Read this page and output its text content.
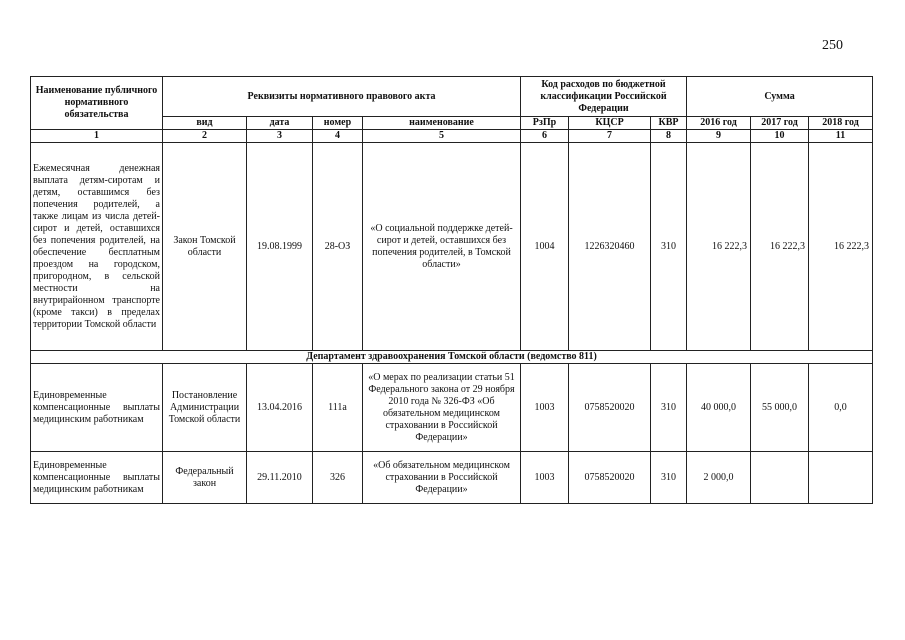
250
Наименование публичного нормативного обязательства	Реквизиты нормативного правового акта				Код расходов по бюджетной классификации Российской Федерации			Сумма		
	вид	дата	номер	наименование	РзПр	КЦСР	КВР	2016 год	2017 год	2018 год
1	2	3	4	5	6	7	8	9	10	11
Ежемесячная денежная выплата детям-сиротам и детям, оставшимся без попечения родителей, а также лицам из числа детей-сирот и детей, оставшихся без попечения родителей, на обеспечение бесплатным проездом на городском, пригородном, в сельской местности на внутрирайонном транспорте (кроме такси) в пределах территории Томской области	Закон Томской области	19.08.1999	28-ОЗ	«О социальной поддержке детей-сирот и детей, оставшихся без попечения родителей, в Томской области»	1004	1226320460	310	16 222,3	16 222,3	16 222,3
Департамент здравоохранения Томской области (ведомство 811)										
Единовременные компенсационные выплаты медицинским работникам	Постановление Администрации Томской области	13.04.2016	111а	«О мерах по реализации статьи 51 Федерального закона от 29 ноября 2010 года № 326-ФЗ «Об обязательном медицинском страховании в Российской Федерации»	1003	0758520020	310	40 000,0	55 000,0	0,0
Единовременные компенсационные выплаты медицинским работникам	Федеральный закон	29.11.2010	326	«Об обязательном медицинском страховании в Российской Федерации»	1003	0758520020	310	2 000,0		
